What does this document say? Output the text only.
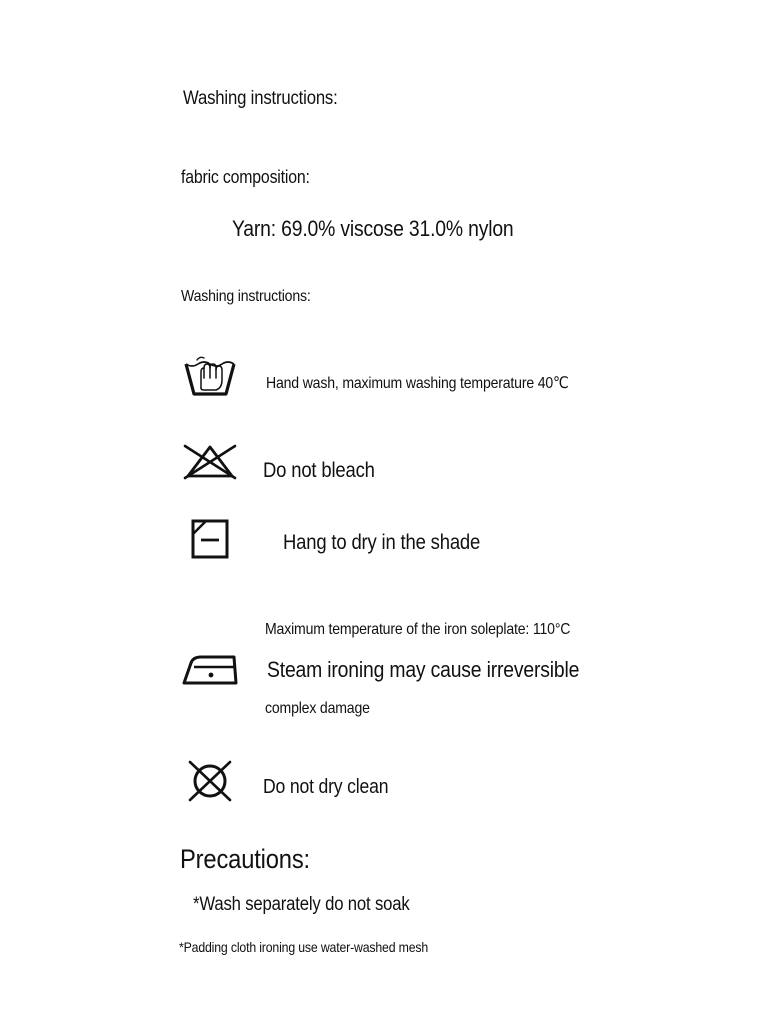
Washing instructions:
fabric composition:
Yarn: 69.0% viscose 31.0% nylon
Washing instructions:
Hand wash, maximum washing temperature 40℃
Do not bleach
Hang to dry in the shade
Maximum temperature of the iron soleplate: 110°C
Steam ironing may cause irreversible
complex damage
Do not dry clean
Precautions:
*Wash separately do not soak
*Padding cloth ironing use water-washed mesh
